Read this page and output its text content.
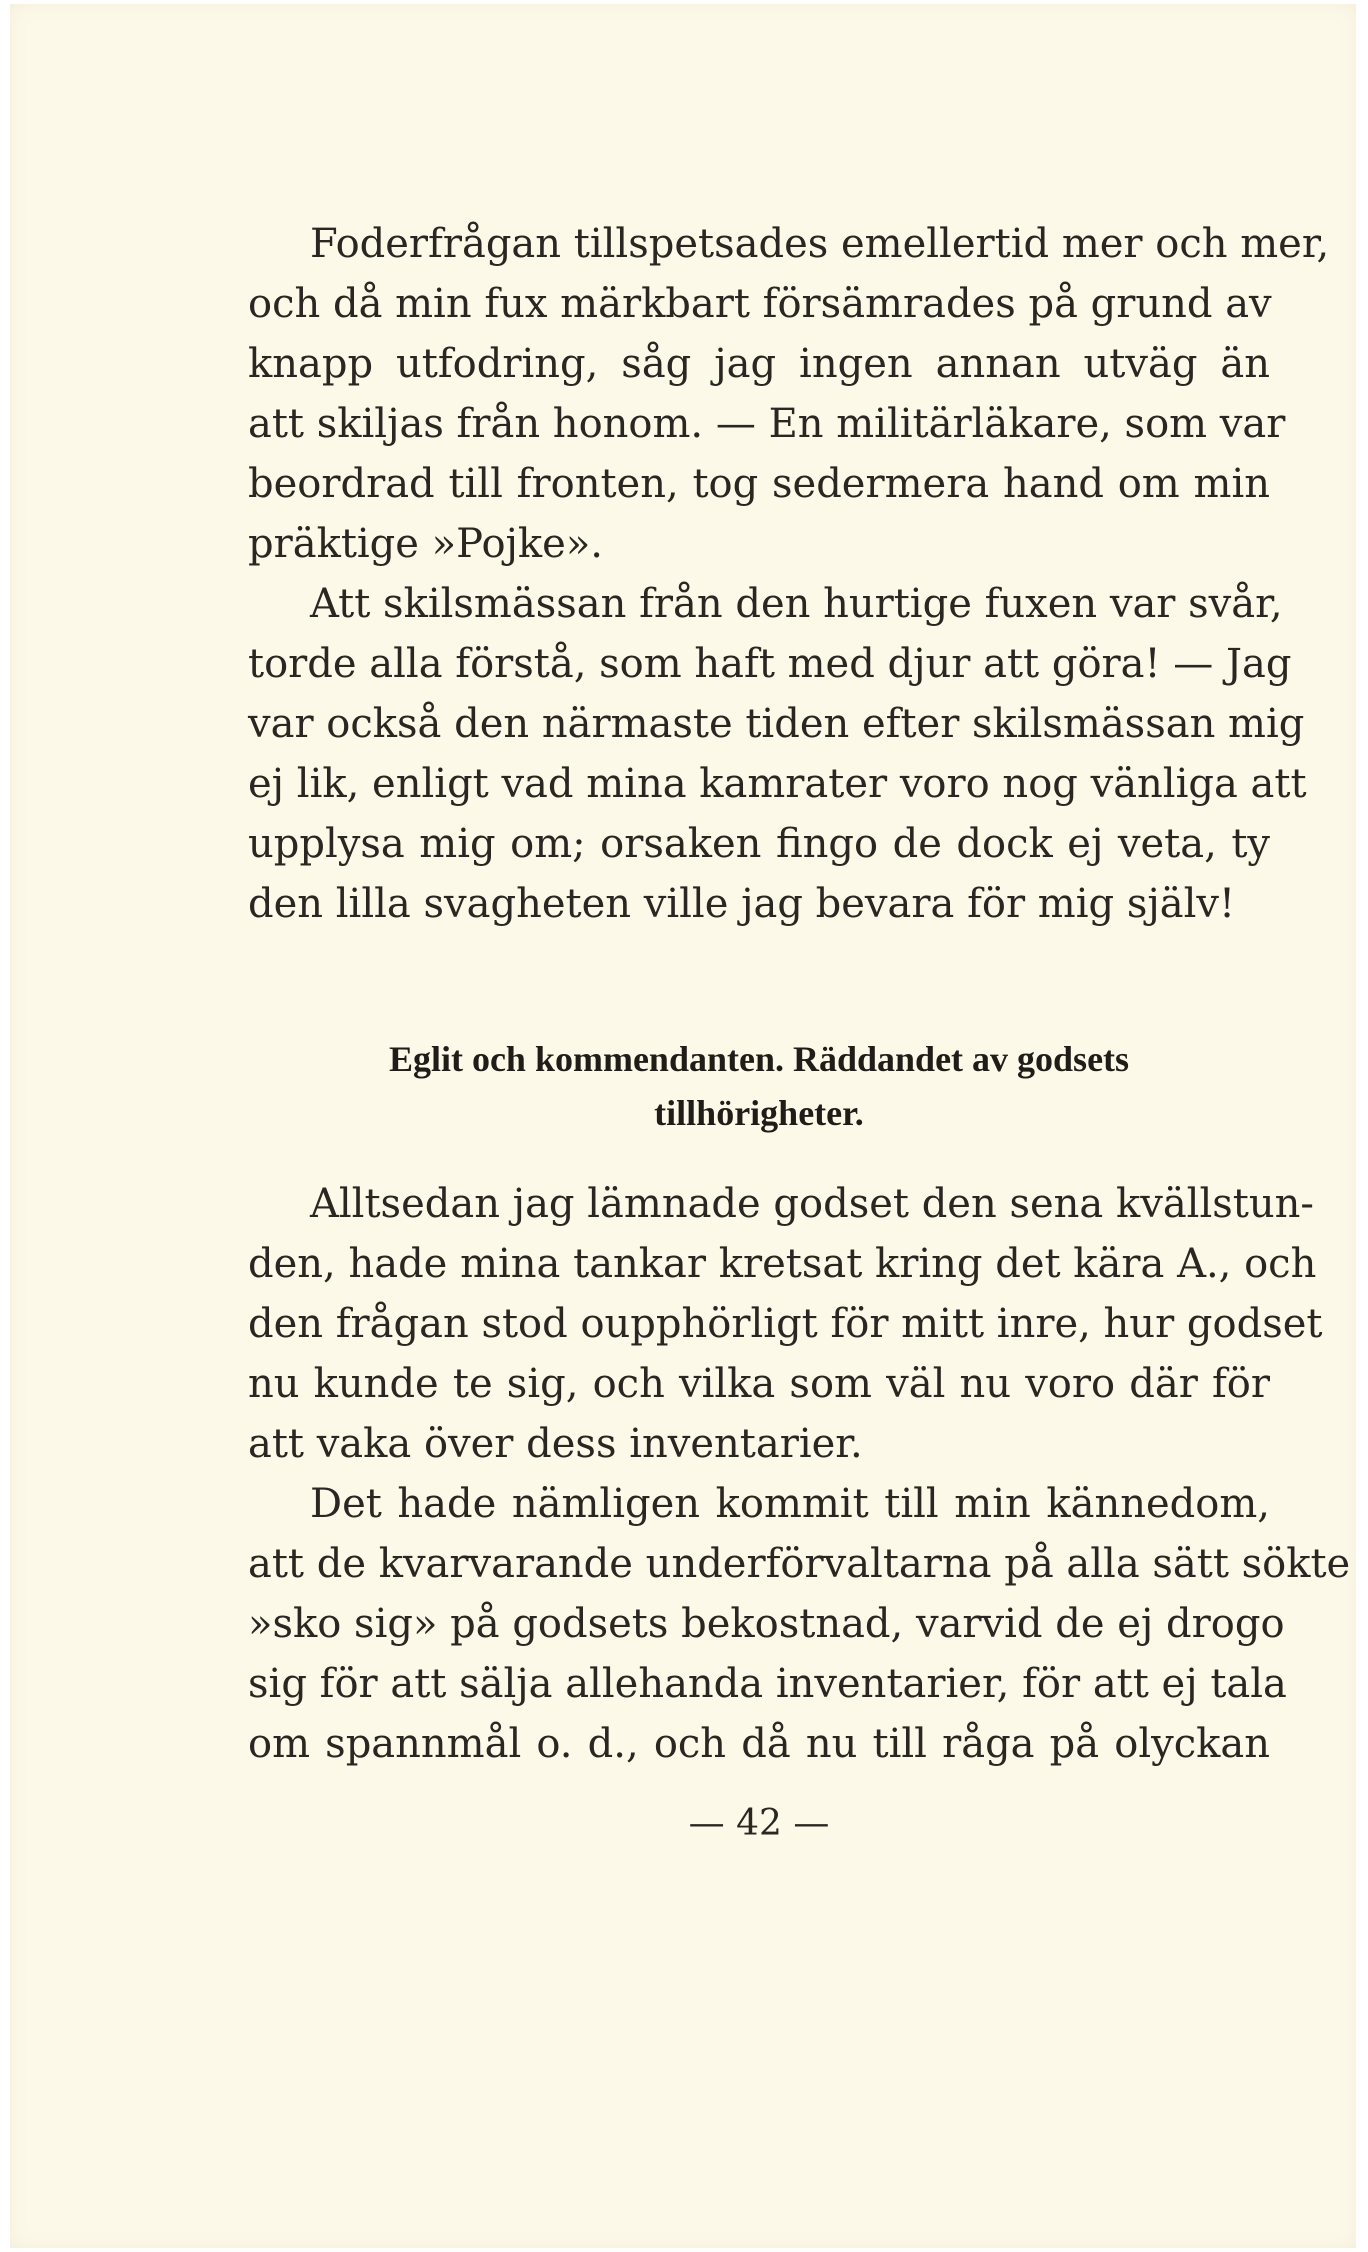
Foderfrågan tillspetsades emellertid mer och mer,
och då min fux märkbart försämrades på grund av
knapp utfodring, såg jag ingen annan utväg än
att skiljas från honom. — En militärläkare, som var
beordrad till fronten, tog sedermera hand om min
präktige »Pojke».
Att skilsmässan från den hurtige fuxen var svår,
torde alla förstå, som haft med djur att göra! — Jag
var också den närmaste tiden efter skilsmässan mig
ej lik, enligt vad mina kamrater voro nog vänliga att
upplysa mig om; orsaken fingo de dock ej veta, ty
den lilla svagheten ville jag bevara för mig själv!
Eglit och kommendanten. Räddandet av godsets
tillhörigheter.
Alltsedan jag lämnade godset den sena kvällstun-
den, hade mina tankar kretsat kring det kära A., och
den frågan stod oupphörligt för mitt inre, hur godset
nu kunde te sig, och vilka som väl nu voro där för
att vaka över dess inventarier.
Det hade nämligen kommit till min kännedom,
att de kvarvarande underförvaltarna på alla sätt sökte
»sko sig» på godsets bekostnad, varvid de ej drogo
sig för att sälja allehanda inventarier, för att ej tala
om spannmål o. d., och då nu till råga på olyckan
— 42 —
